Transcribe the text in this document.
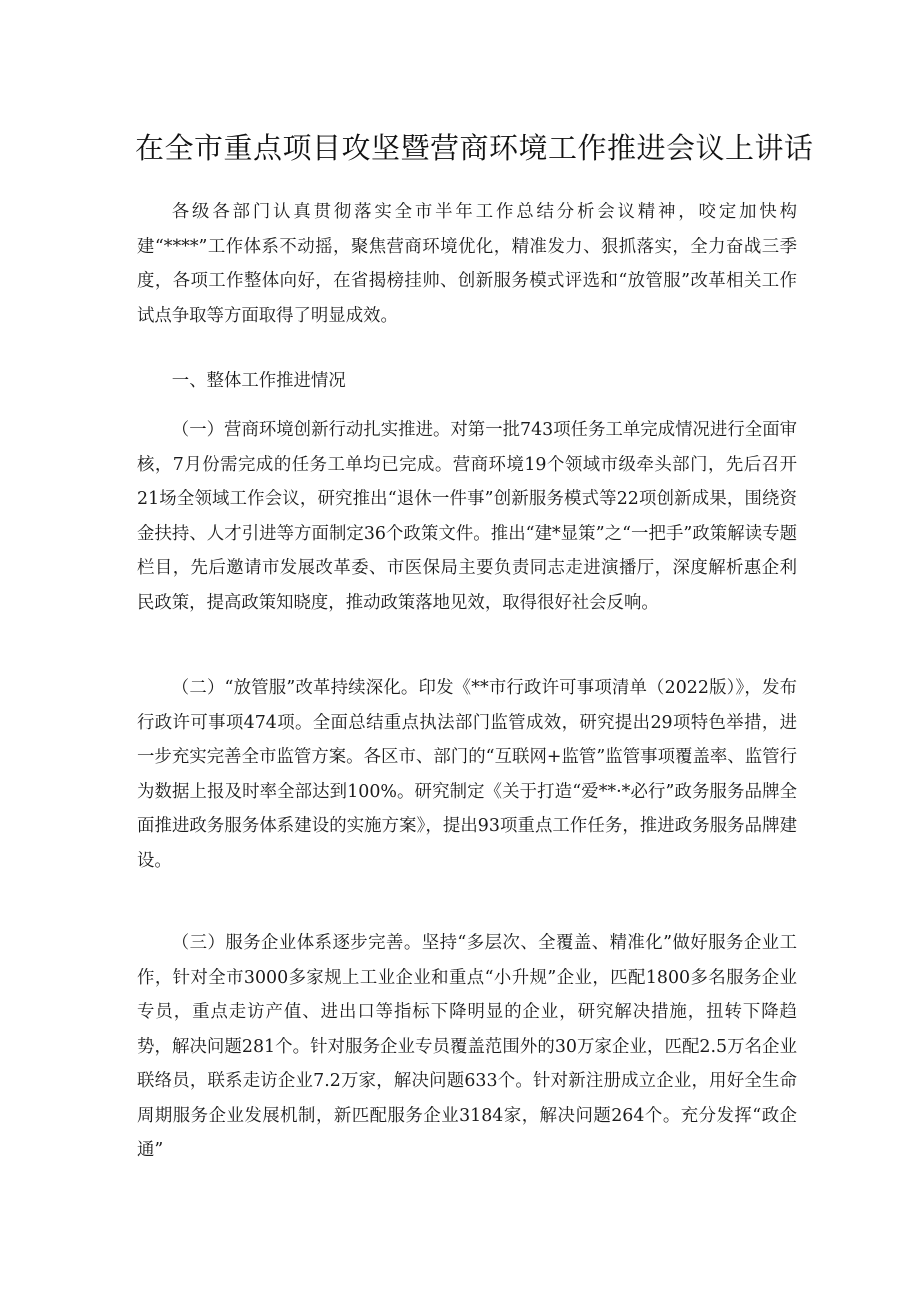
在全市重点项目攻坚暨营商环境工作推进会议上讲话

各级各部门认真贯彻落实全市半年工作总结分析会议精神，咬定加快构建“****”工作体系不动摇，聚焦营商环境优化，精准发力、狠抓落实，全力奋战三季度，各项工作整体向好，在省揭榜挂帅、创新服务模式评选和“放管服”改革相关工作试点争取等方面取得了明显成效。

一、整体工作推进情况

（一）营商环境创新行动扎实推进。对第一批743项任务工单完成情况进行全面审核，7月份需完成的任务工单均已完成。营商环境19个领域市级牵头部门，先后召开21场全领域工作会议，研究推出“退休一件事”创新服务模式等22项创新成果，围绕资金扶持、人才引进等方面制定36个政策文件。推出“建*显策”之“一把手”政策解读专题栏目，先后邀请市发展改革委、市医保局主要负责同志走进演播厅，深度解析惠企利民政策，提高政策知晓度，推动政策落地见效，取得很好社会反响。

（二）“放管服”改革持续深化。印发《**市行政许可事项清单（2022版）》，发布行政许可事项474项。全面总结重点执法部门监管成效，研究提出29项特色举措，进一步充实完善全市监管方案。各区市、部门的“互联网+监管”监管事项覆盖率、监管行为数据上报及时率全部达到100%。研究制定《关于打造“爱**·*必行”政务服务品牌全面推进政务服务体系建设的实施方案》，提出93项重点工作任务，推进政务服务品牌建设。

（三）服务企业体系逐步完善。坚持“多层次、全覆盖、精准化”做好服务企业工作，针对全市3000多家规上工业企业和重点“小升规”企业，匹配1800多名服务企业专员，重点走访产值、进出口等指标下降明显的企业，研究解决措施，扭转下降趋势，解决问题281个。针对服务企业专员覆盖范围外的30万家企业，匹配2.5万名企业联络员，联系走访企业7.2万家，解决问题633个。针对新注册成立企业，用好全生命周期服务企业发展机制，新匹配服务企业3184家，解决问题264个。充分发挥“政企通”
